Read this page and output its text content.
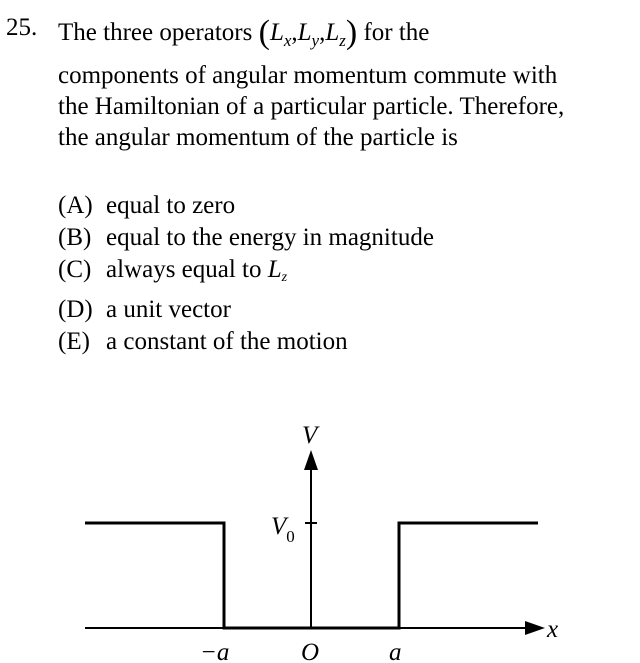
25. The three operators $(L_x,L_y,L_z)$ for the
components of angular momentum commute with
the Hamiltonian of a particular particle. Therefore,
the angular momentum of the particle is
(A) equal to zero
(B) equal to the energy in magnitude
(C) always equal to Lz
(D) a unit vector
(E) a constant of the motion
V
$V_0$
x
−a	O	a
